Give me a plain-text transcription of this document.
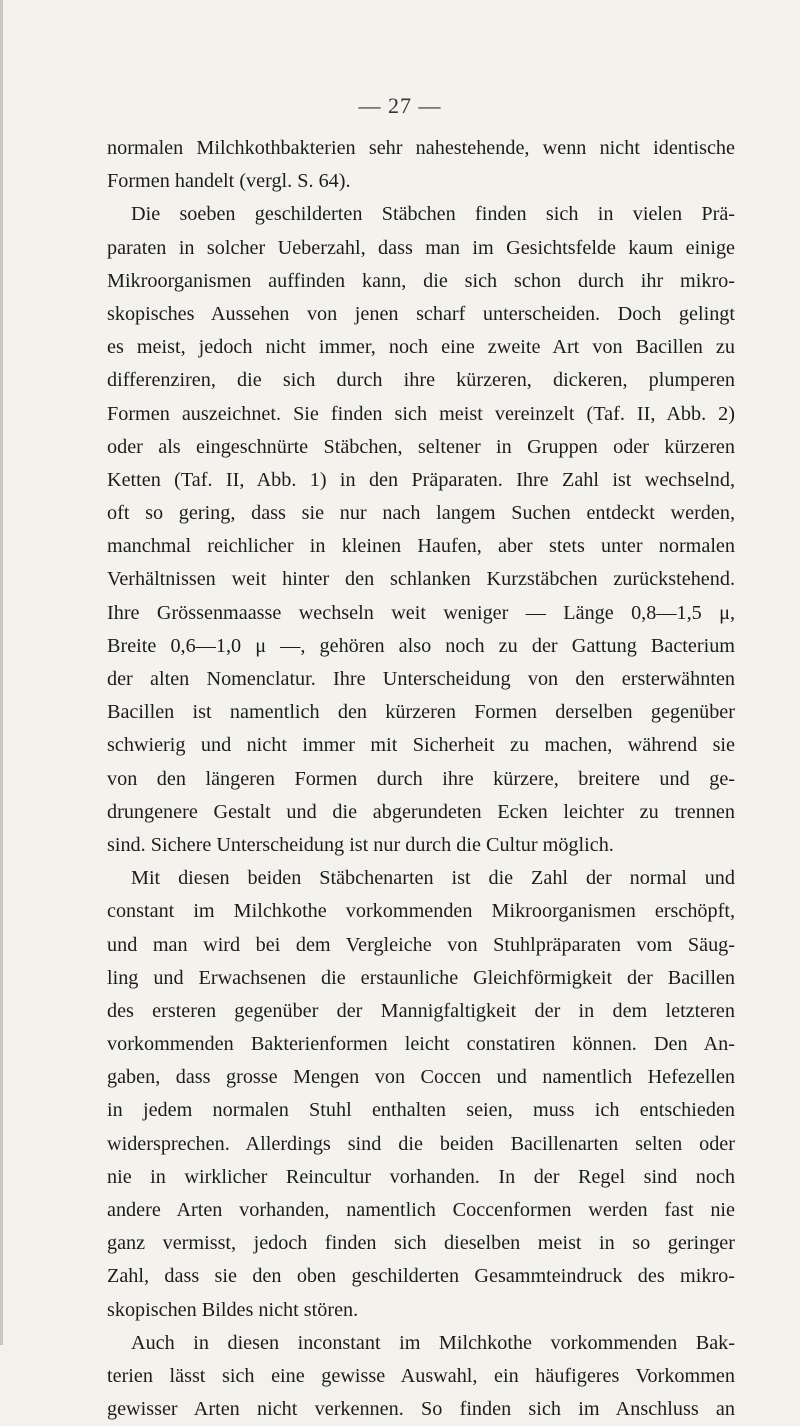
— 27 —
normalen Milchkothbakterien sehr nahestehende, wenn nicht identische
Formen handelt (vergl. S. 64).
Die soeben geschilderten Stäbchen finden sich in vielen Prä-
paraten in solcher Ueberzahl, dass man im Gesichtsfelde kaum einige
Mikroorganismen auffinden kann, die sich schon durch ihr mikro-
skopisches Aussehen von jenen scharf unterscheiden. Doch gelingt
es meist, jedoch nicht immer, noch eine zweite Art von Bacillen zu
differenziren, die sich durch ihre kürzeren, dickeren, plumperen
Formen auszeichnet. Sie finden sich meist vereinzelt (Taf. II, Abb. 2)
oder als eingeschnürte Stäbchen, seltener in Gruppen oder kürzeren
Ketten (Taf. II, Abb. 1) in den Präparaten. Ihre Zahl ist wechselnd,
oft so gering, dass sie nur nach langem Suchen entdeckt werden,
manchmal reichlicher in kleinen Haufen, aber stets unter normalen
Verhältnissen weit hinter den schlanken Kurzstäbchen zurückstehend.
Ihre Grössenmaasse wechseln weit weniger — Länge 0,8—1,5 μ,
Breite 0,6—1,0 μ —, gehören also noch zu der Gattung Bacterium
der alten Nomenclatur. Ihre Unterscheidung von den ersterwähnten
Bacillen ist namentlich den kürzeren Formen derselben gegenüber
schwierig und nicht immer mit Sicherheit zu machen, während sie
von den längeren Formen durch ihre kürzere, breitere und ge-
drungenere Gestalt und die abgerundeten Ecken leichter zu trennen
sind. Sichere Unterscheidung ist nur durch die Cultur möglich.
Mit diesen beiden Stäbchenarten ist die Zahl der normal und
constant im Milchkothe vorkommenden Mikroorganismen erschöpft,
und man wird bei dem Vergleiche von Stuhlpräparaten vom Säug-
ling und Erwachsenen die erstaunliche Gleichförmigkeit der Bacillen
des ersteren gegenüber der Mannigfaltigkeit der in dem letzteren
vorkommenden Bakterienformen leicht constatiren können. Den An-
gaben, dass grosse Mengen von Coccen und namentlich Hefezellen
in jedem normalen Stuhl enthalten seien, muss ich entschieden
widersprechen. Allerdings sind die beiden Bacillenarten selten oder
nie in wirklicher Reincultur vorhanden. In der Regel sind noch
andere Arten vorhanden, namentlich Coccenformen werden fast nie
ganz vermisst, jedoch finden sich dieselben meist in so geringer
Zahl, dass sie den oben geschilderten Gesammteindruck des mikro-
skopischen Bildes nicht stören.
Auch in diesen inconstant im Milchkothe vorkommenden Bak-
terien lässt sich eine gewisse Auswahl, ein häufigeres Vorkommen
gewisser Arten nicht verkennen. So finden sich im Anschluss an
